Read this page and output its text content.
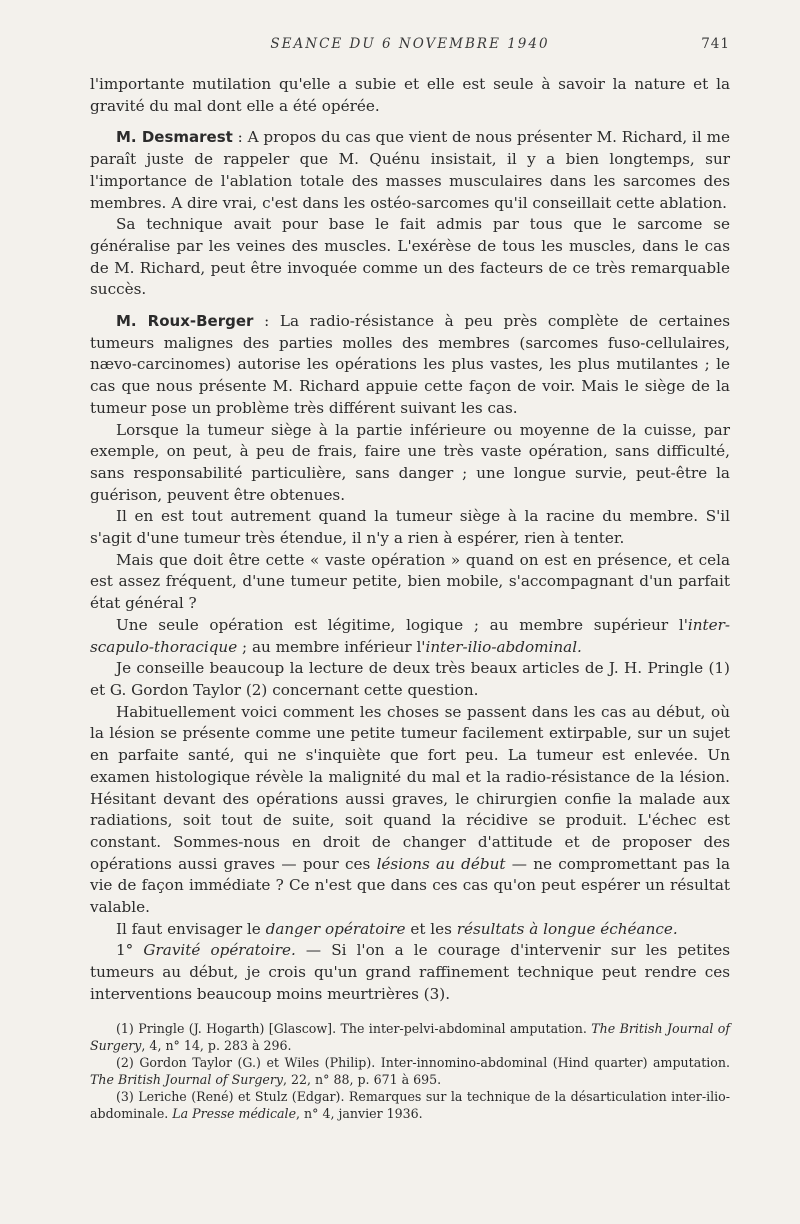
SEANCE DU 6 NOVEMBRE 1940	741

l'importante mutilation qu'elle a subie et elle est seule à savoir la nature et la gravité du mal dont elle a été opérée.

M. Desmarest : A propos du cas que vient de nous présenter M. Richard, il me paraît juste de rappeler que M. Quénu insistait, il y a bien longtemps, sur l'importance de l'ablation totale des masses musculaires dans les sarcomes des membres. A dire vrai, c'est dans les ostéo-sarcomes qu'il conseillait cette ablation.

Sa technique avait pour base le fait admis par tous que le sarcome se généralise par les veines des muscles. L'exérèse de tous les muscles, dans le cas de M. Richard, peut être invoquée comme un des facteurs de ce très remarquable succès.

M. Roux-Berger : La radio-résistance à peu près complète de certaines tumeurs malignes des parties molles des membres (sarcomes fuso-cellulaires, nævo-carcinomes) autorise les opérations les plus vastes, les plus mutilantes ; le cas que nous présente M. Richard appuie cette façon de voir. Mais le siège de la tumeur pose un problème très différent suivant les cas.

Lorsque la tumeur siège à la partie inférieure ou moyenne de la cuisse, par exemple, on peut, à peu de frais, faire une très vaste opération, sans difficulté, sans responsabilité particulière, sans danger ; une longue survie, peut-être la guérison, peuvent être obtenues.

Il en est tout autrement quand la tumeur siège à la racine du membre. S'il s'agit d'une tumeur très étendue, il n'y a rien à espérer, rien à tenter.

Mais que doit être cette « vaste opération » quand on est en présence, et cela est assez fréquent, d'une tumeur petite, bien mobile, s'accompagnant d'un parfait état général ?

Une seule opération est légitime, logique ; au membre supérieur l'inter-scapulo-thoracique ; au membre inférieur l'inter-ilio-abdominal.

Je conseille beaucoup la lecture de deux très beaux articles de J. H. Pringle (1) et G. Gordon Taylor (2) concernant cette question.

Habituellement voici comment les choses se passent dans les cas au début, où la lésion se présente comme une petite tumeur facilement extirpable, sur un sujet en parfaite santé, qui ne s'inquiète que fort peu. La tumeur est enlevée. Un examen histologique révèle la malignité du mal et la radio-résistance de la lésion. Hésitant devant des opérations aussi graves, le chirurgien confie la malade aux radiations, soit tout de suite, soit quand la récidive se produit. L'échec est constant. Sommes-nous en droit de changer d'attitude et de proposer des opérations aussi graves — pour ces lésions au début — ne compromettant pas la vie de façon immédiate ? Ce n'est que dans ces cas qu'on peut espérer un résultat valable.

Il faut envisager le danger opératoire et les résultats à longue échéance.

1° Gravité opératoire. — Si l'on a le courage d'intervenir sur les petites tumeurs au début, je crois qu'un grand raffinement technique peut rendre ces interventions beaucoup moins meurtrières (3).

(1) Pringle (J. Hogarth) [Glascow]. The inter-pelvi-abdominal amputation. The British Journal of Surgery, 4, n° 14, p. 283 à 296.

(2) Gordon Taylor (G.) et Wiles (Philip). Inter-innomino-abdominal (Hind quarter) amputation. The British Journal of Surgery, 22, n° 88, p. 671 à 695.

(3) Leriche (René) et Stulz (Edgar). Remarques sur la technique de la désarticulation inter-ilio-abdominale. La Presse médicale, n° 4, janvier 1936.
